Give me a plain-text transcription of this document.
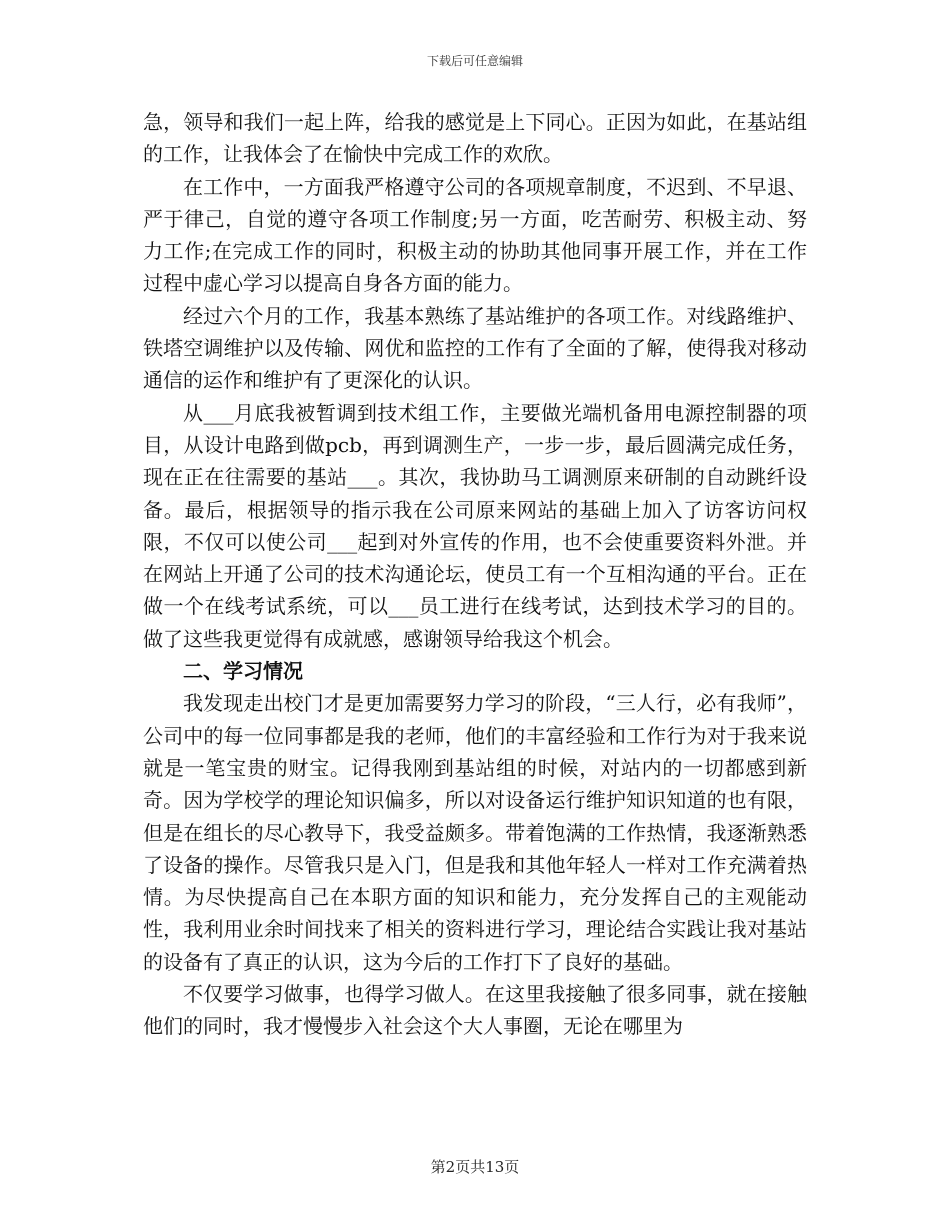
下载后可任意编辑

急，领导和我们一起上阵，给我的感觉是上下同心。正因为如此，在基站组的工作，让我体会了在愉快中完成工作的欢欣。

在工作中，一方面我严格遵守公司的各项规章制度，不迟到、不早退、严于律己，自觉的遵守各项工作制度;另一方面，吃苦耐劳、积极主动、努力工作;在完成工作的同时，积极主动的协助其他同事开展工作，并在工作过程中虚心学习以提高自身各方面的能力。

经过六个月的工作，我基本熟练了基站维护的各项工作。对线路维护、铁塔空调维护以及传输、网优和监控的工作有了全面的了解，使得我对移动通信的运作和维护有了更深化的认识。

从___月底我被暂调到技术组工作，主要做光端机备用电源控制器的项目，从设计电路到做pcb，再到调测生产，一步一步，最后圆满完成任务，现在正在往需要的基站___。其次，我协助马工调测原来研制的自动跳纤设备。最后，根据领导的指示我在公司原来网站的基础上加入了访客访问权限，不仅可以使公司___起到对外宣传的作用，也不会使重要资料外泄。并在网站上开通了公司的技术沟通论坛，使员工有一个互相沟通的平台。正在做一个在线考试系统，可以___员工进行在线考试，达到技术学习的目的。做了这些我更觉得有成就感，感谢领导给我这个机会。

二、学习情况

我发现走出校门才是更加需要努力学习的阶段，“三人行，必有我师”，公司中的每一位同事都是我的老师，他们的丰富经验和工作行为对于我来说就是一笔宝贵的财宝。记得我刚到基站组的时候，对站内的一切都感到新奇。因为学校学的理论知识偏多，所以对设备运行维护知识知道的也有限，但是在组长的尽心教导下，我受益颇多。带着饱满的工作热情，我逐渐熟悉了设备的操作。尽管我只是入门，但是我和其他年轻人一样对工作充满着热情。为尽快提高自己在本职方面的知识和能力，充分发挥自己的主观能动性，我利用业余时间找来了相关的资料进行学习，理论结合实践让我对基站的设备有了真正的认识，这为今后的工作打下了良好的基础。

不仅要学习做事，也得学习做人。在这里我接触了很多同事，就在接触他们的同时，我才慢慢步入社会这个大人事圈，无论在哪里为

第2页共13页
